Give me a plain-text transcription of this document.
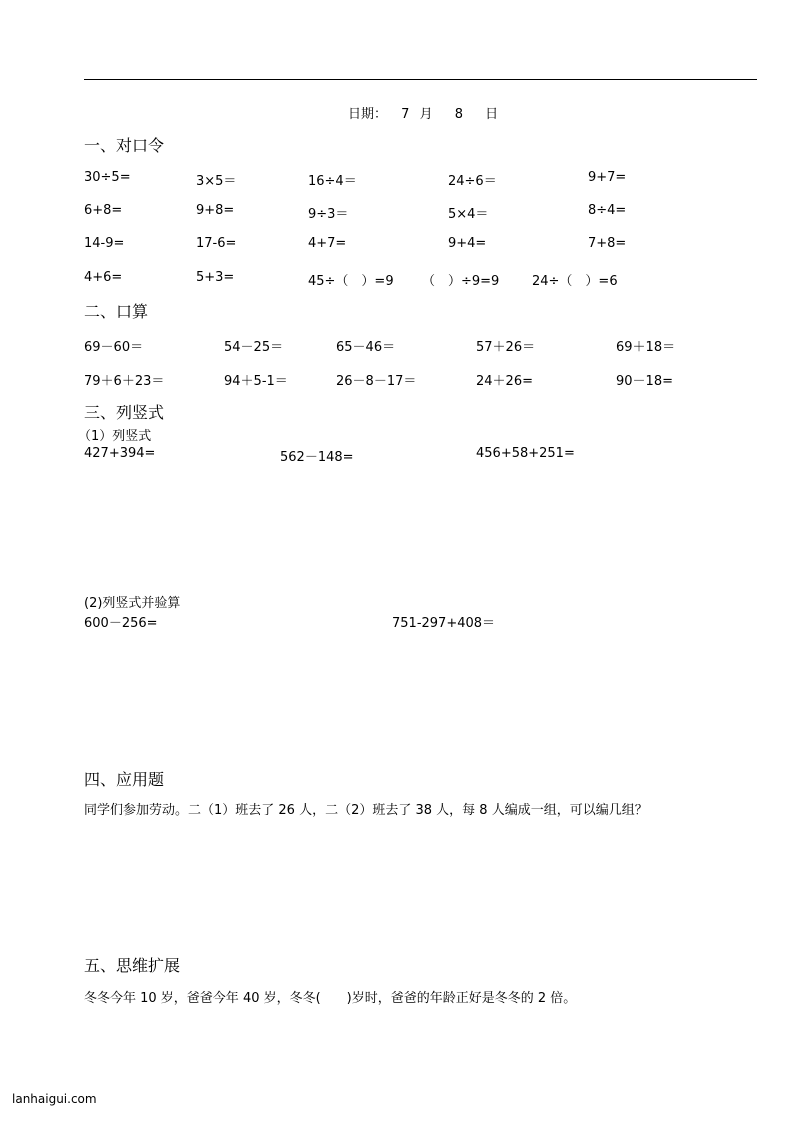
日期： 7 月 8 日
一、对口令
30÷5=	3×5＝	16÷4＝	24÷6＝	9+7=
6+8=	9+8=	9÷3＝	5×4＝	8÷4=
14-9=	17-6=	4+7=	9+4=	7+8=
4+6=	5+3=	45÷（　）=9 （　）÷9=9	24÷（　）=6
二、口算
69－60＝	54－25＝	65－46＝	57＋26＝	69＋18＝
79＋6＋23＝	94＋5-1＝	26－8－17＝	24＋26=	90－18=
三、列竖式
（1）列竖式
427+394=	562－148=	456+58+251=
(2)列竖式并验算
600－256=	751-297+408＝
四、应用题
同学们参加劳动。二（1）班去了 26 人，二（2）班去了 38 人，每 8 人编成一组，可以编几组？
五、思维扩展
冬冬今年 10 岁，爸爸今年 40 岁，冬冬(　　)岁时，爸爸的年龄正好是冬冬的 2 倍。
lanhaigui.com
